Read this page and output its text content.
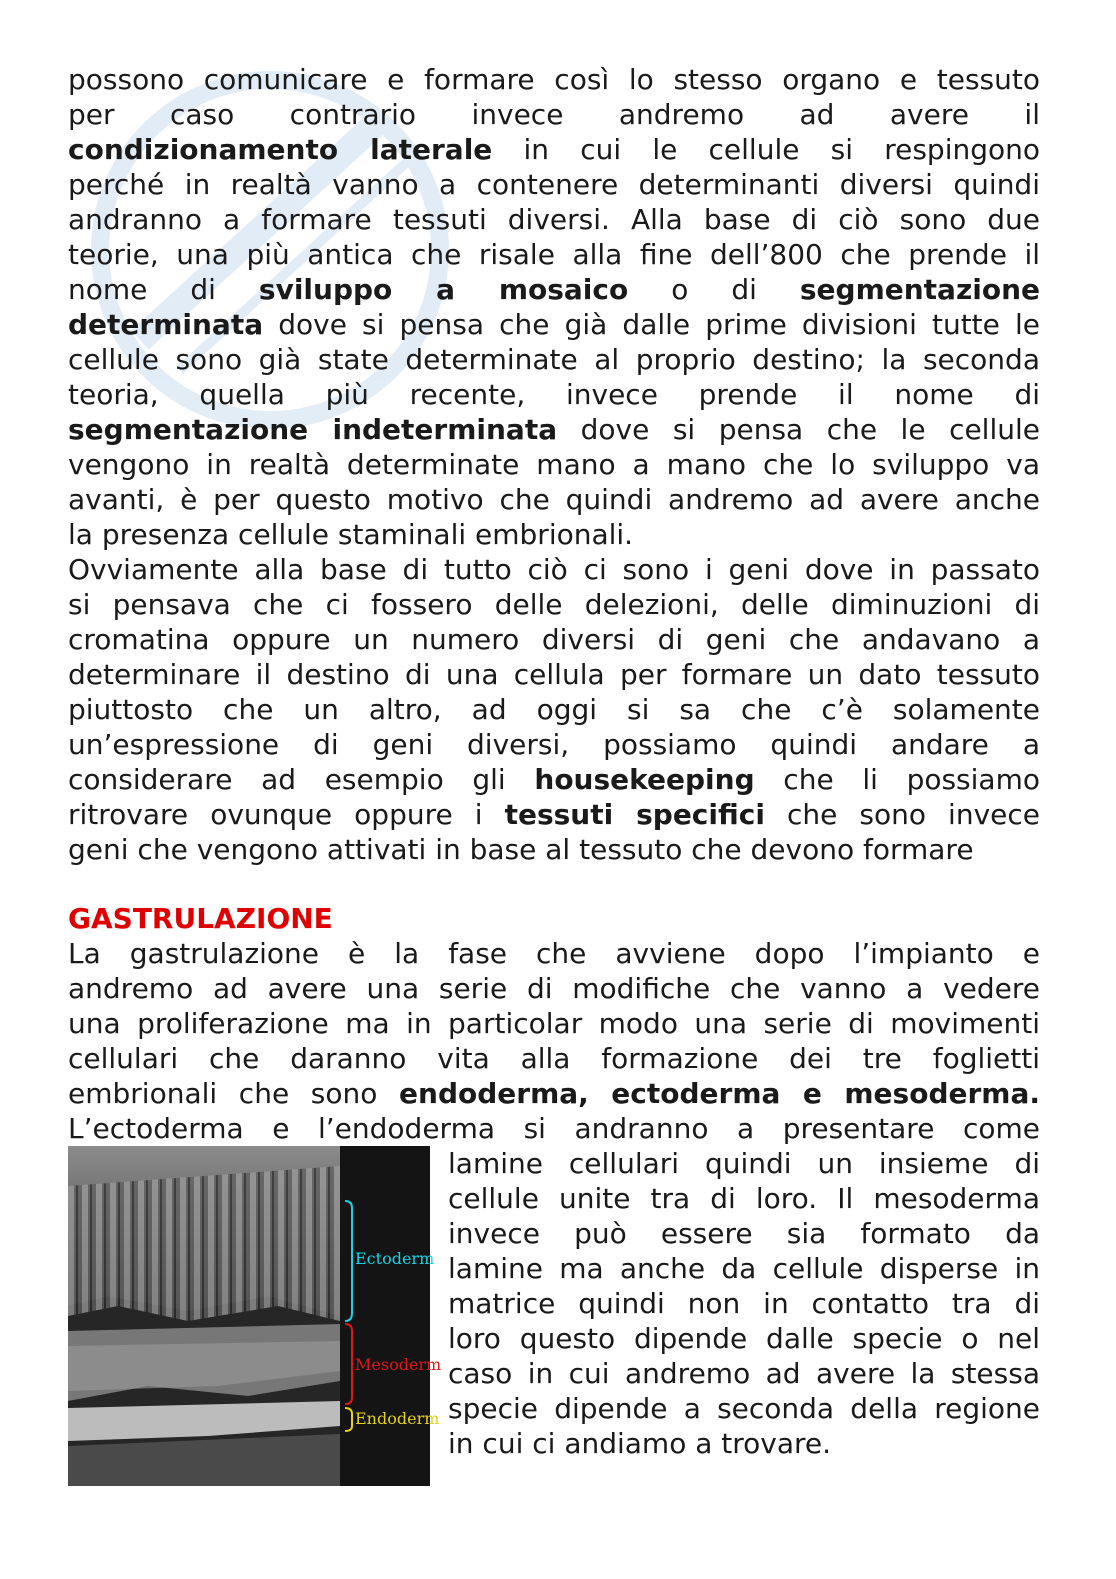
possono comunicare e formare così lo stesso organo e tessuto
per caso contrario invece andremo ad avere il
condizionamento laterale in cui le cellule si respingono
perché in realtà vanno a contenere determinanti diversi quindi
andranno a formare tessuti diversi. Alla base di ciò sono due
teorie, una più antica che risale alla fine dell’800 che prende il
nome di sviluppo a mosaico o di segmentazione
determinata dove si pensa che già dalle prime divisioni tutte le
cellule sono già state determinate al proprio destino; la seconda
teoria, quella più recente, invece prende il nome di
segmentazione indeterminata dove si pensa che le cellule
vengono in realtà determinate mano a mano che lo sviluppo va
avanti, è per questo motivo che quindi andremo ad avere anche
la presenza cellule staminali embrionali.
Ovviamente alla base di tutto ciò ci sono i geni dove in passato
si pensava che ci fossero delle delezioni, delle diminuzioni di
cromatina oppure un numero diversi di geni che andavano a
determinare il destino di una cellula per formare un dato tessuto
piuttosto che un altro, ad oggi si sa che c’è solamente
un’espressione di geni diversi, possiamo quindi andare a
considerare ad esempio gli housekeeping che li possiamo
ritrovare ovunque oppure i tessuti specifici che sono invece
geni che vengono attivati in base al tessuto che devono formare
GASTRULAZIONE
La gastrulazione è la fase che avviene dopo l’impianto e
andremo ad avere una serie di modifiche che vanno a vedere
una proliferazione ma in particolar modo una serie di movimenti
cellulari che daranno vita alla formazione dei tre foglietti
embrionali che sono endoderma, ectoderma e mesoderma.
L’ectoderma e l’endoderma si andranno a presentare come
Ectoderm
Mesoderm
Endoderm
lamine cellulari quindi un insieme di
cellule unite tra di loro. Il mesoderma
invece può essere sia formato da
lamine ma anche da cellule disperse in
matrice quindi non in contatto tra di
loro questo dipende dalle specie o nel
caso in cui andremo ad avere la stessa
specie dipende a seconda della regione
in cui ci andiamo a trovare.
